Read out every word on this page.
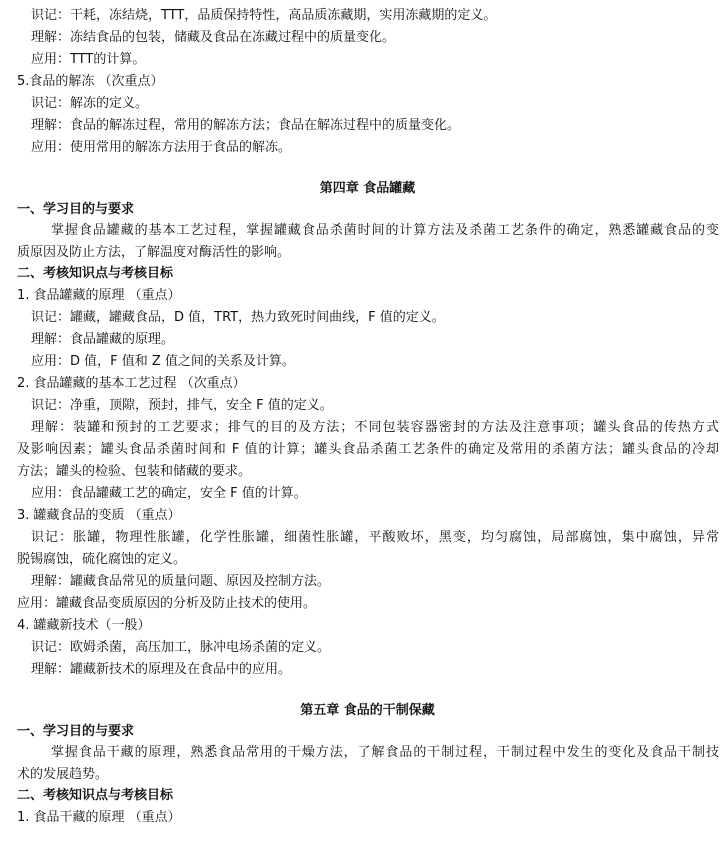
识记：干耗，冻结烧，TTT，品质保持特性，高品质冻藏期，实用冻藏期的定义。
理解：冻结食品的包装，储藏及食品在冻藏过程中的质量变化。
应用：TTT的计算。
5.食品的解冻 （次重点）
识记：解冻的定义。
理解：食品的解冻过程，常用的解冻方法；食品在解冻过程中的质量变化。
应用：使用常用的解冻方法用于食品的解冻。
第四章 食品罐藏
一、学习目的与要求
掌握食品罐藏的基本工艺过程，掌握罐藏食品杀菌时间的计算方法及杀菌工艺条件的确定，熟悉罐藏食品的变
质原因及防止方法，了解温度对酶活性的影响。
二、考核知识点与考核目标
1. 食品罐藏的原理 （重点）
识记：罐藏，罐藏食品，D 值，TRT，热力致死时间曲线，F 值的定义。
理解：食品罐藏的原理。
应用：D 值，F 值和 Z 值之间的关系及计算。
2. 食品罐藏的基本工艺过程 （次重点）
识记：净重，顶隙，预封，排气，安全 F 值的定义。
理解：装罐和预封的工艺要求；排气的目的及方法；不同包装容器密封的方法及注意事项；罐头食品的传热方式
及影响因素；罐头食品杀菌时间和 F 值的计算；罐头食品杀菌工艺条件的确定及常用的杀菌方法；罐头食品的冷却
方法；罐头的检验、包装和储藏的要求。
应用：食品罐藏工艺的确定，安全 F 值的计算。
3. 罐藏食品的变质 （重点）
识记：胀罐，物理性胀罐，化学性胀罐，细菌性胀罐，平酸败坏，黑变，均匀腐蚀，局部腐蚀，集中腐蚀，异常
脱锡腐蚀，硫化腐蚀的定义。
理解：罐藏食品常见的质量问题、原因及控制方法。
应用：罐藏食品变质原因的分析及防止技术的使用。
4. 罐藏新技术（一般）
识记：欧姆杀菌，高压加工，脉冲电场杀菌的定义。
理解：罐藏新技术的原理及在食品中的应用。
第五章 食品的干制保藏
一、学习目的与要求
掌握食品干藏的原理，熟悉食品常用的干燥方法，了解食品的干制过程，干制过程中发生的变化及食品干制技
术的发展趋势。
二、考核知识点与考核目标
1. 食品干藏的原理 （重点）
